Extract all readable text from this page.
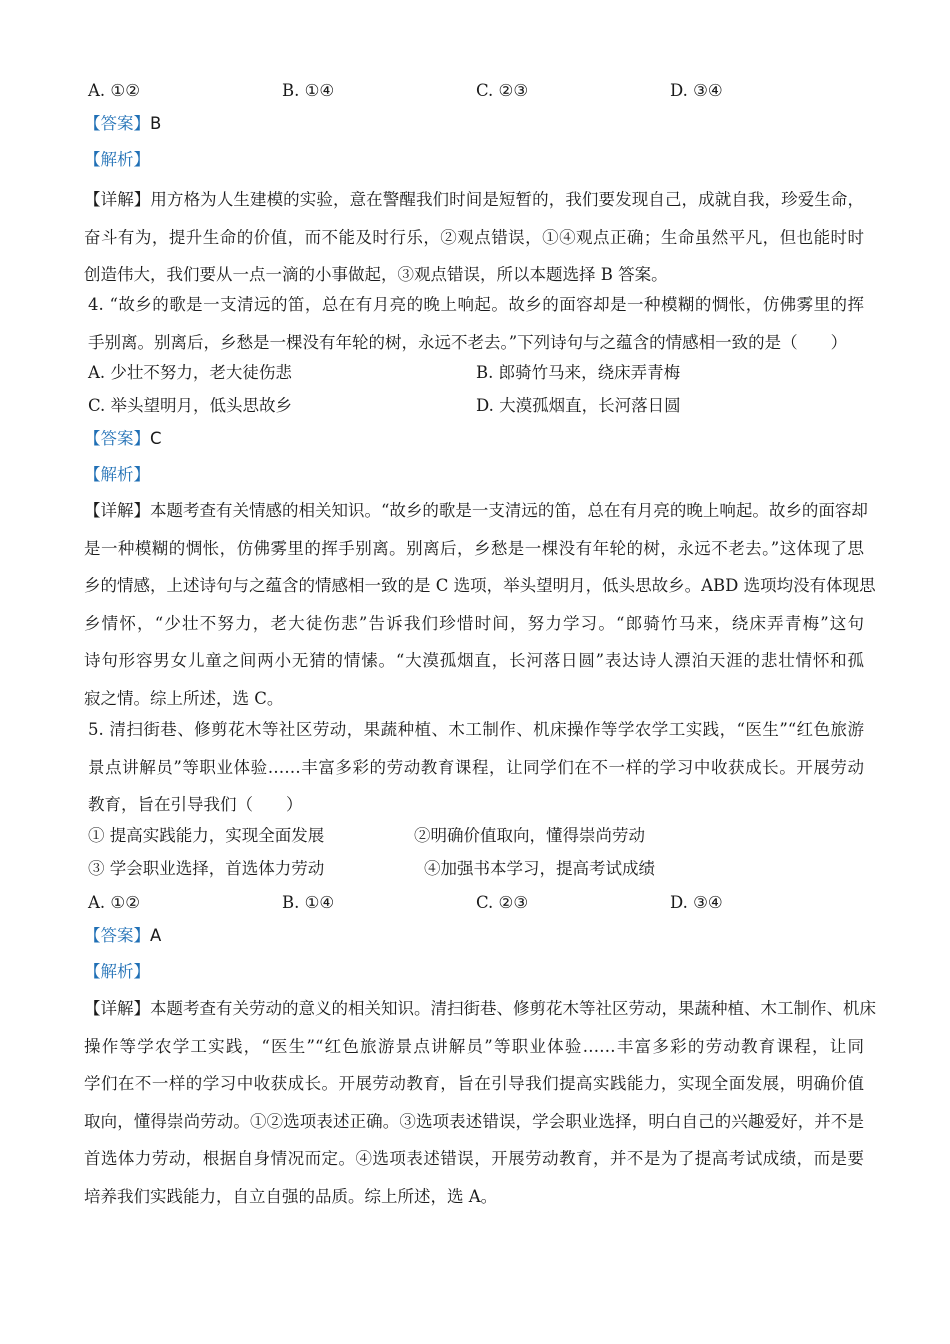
A. ①②	B. ①④	C. ②③	D. ③④
【答案】B
【解析】
【详解】用方格为人生建模的实验，意在警醒我们时间是短暂的，我们要发现自己，成就自我，珍爱生命，
奋斗有为，提升生命的价值，而不能及时行乐，②观点错误，①④观点正确；生命虽然平凡，但也能时时
创造伟大，我们要从一点一滴的小事做起，③观点错误，所以本题选择 B 答案。
4. “故乡的歌是一支清远的笛，总在有月亮的晚上响起。故乡的面容却是一种模糊的惆怅，仿佛雾里的挥
手别离。别离后，乡愁是一棵没有年轮的树，永远不老去。”下列诗句与之蕴含的情感相一致的是（　　）
A. 少壮不努力，老大徒伤悲	B. 郎骑竹马来，绕床弄青梅
C. 举头望明月，低头思故乡	D. 大漠孤烟直，长河落日圆
【答案】C
【解析】
【详解】本题考查有关情感的相关知识。“故乡的歌是一支清远的笛，总在有月亮的晚上响起。故乡的面容却
是一种模糊的惆怅，仿佛雾里的挥手别离。别离后，乡愁是一棵没有年轮的树，永远不老去。”这体现了思
乡的情感，上述诗句与之蕴含的情感相一致的是 C 选项，举头望明月，低头思故乡。ABD 选项均没有体现思
乡情怀，“少壮不努力，老大徒伤悲”告诉我们珍惜时间，努力学习。“郎骑竹马来，绕床弄青梅”这句
诗句形容男女儿童之间两小无猜的情愫。“大漠孤烟直，长河落日圆”表达诗人漂泊天涯的悲壮情怀和孤
寂之情。综上所述，选 C。
5. 清扫街巷、修剪花木等社区劳动，果蔬种植、木工制作、机床操作等学农学工实践，“医生”“红色旅游
景点讲解员”等职业体验……丰富多彩的劳动教育课程，让同学们在不一样的学习中收获成长。开展劳动
教育，旨在引导我们（　　）
① 提高实践能力，实现全面发展	②明确价值取向，懂得崇尚劳动
③ 学会职业选择，首选体力劳动	④加强书本学习，提高考试成绩
A. ①②	B. ①④	C. ②③	D. ③④
【答案】A
【解析】
【详解】本题考查有关劳动的意义的相关知识。清扫街巷、修剪花木等社区劳动，果蔬种植、木工制作、机床
操作等学农学工实践，“医生”“红色旅游景点讲解员”等职业体验……丰富多彩的劳动教育课程，让同
学们在不一样的学习中收获成长。开展劳动教育，旨在引导我们提高实践能力，实现全面发展，明确价值
取向，懂得崇尚劳动。①②选项表述正确。③选项表述错误，学会职业选择，明白自己的兴趣爱好，并不是
首选体力劳动，根据自身情况而定。④选项表述错误，开展劳动教育，并不是为了提高考试成绩，而是要
培养我们实践能力，自立自强的品质。综上所述，选 A。
